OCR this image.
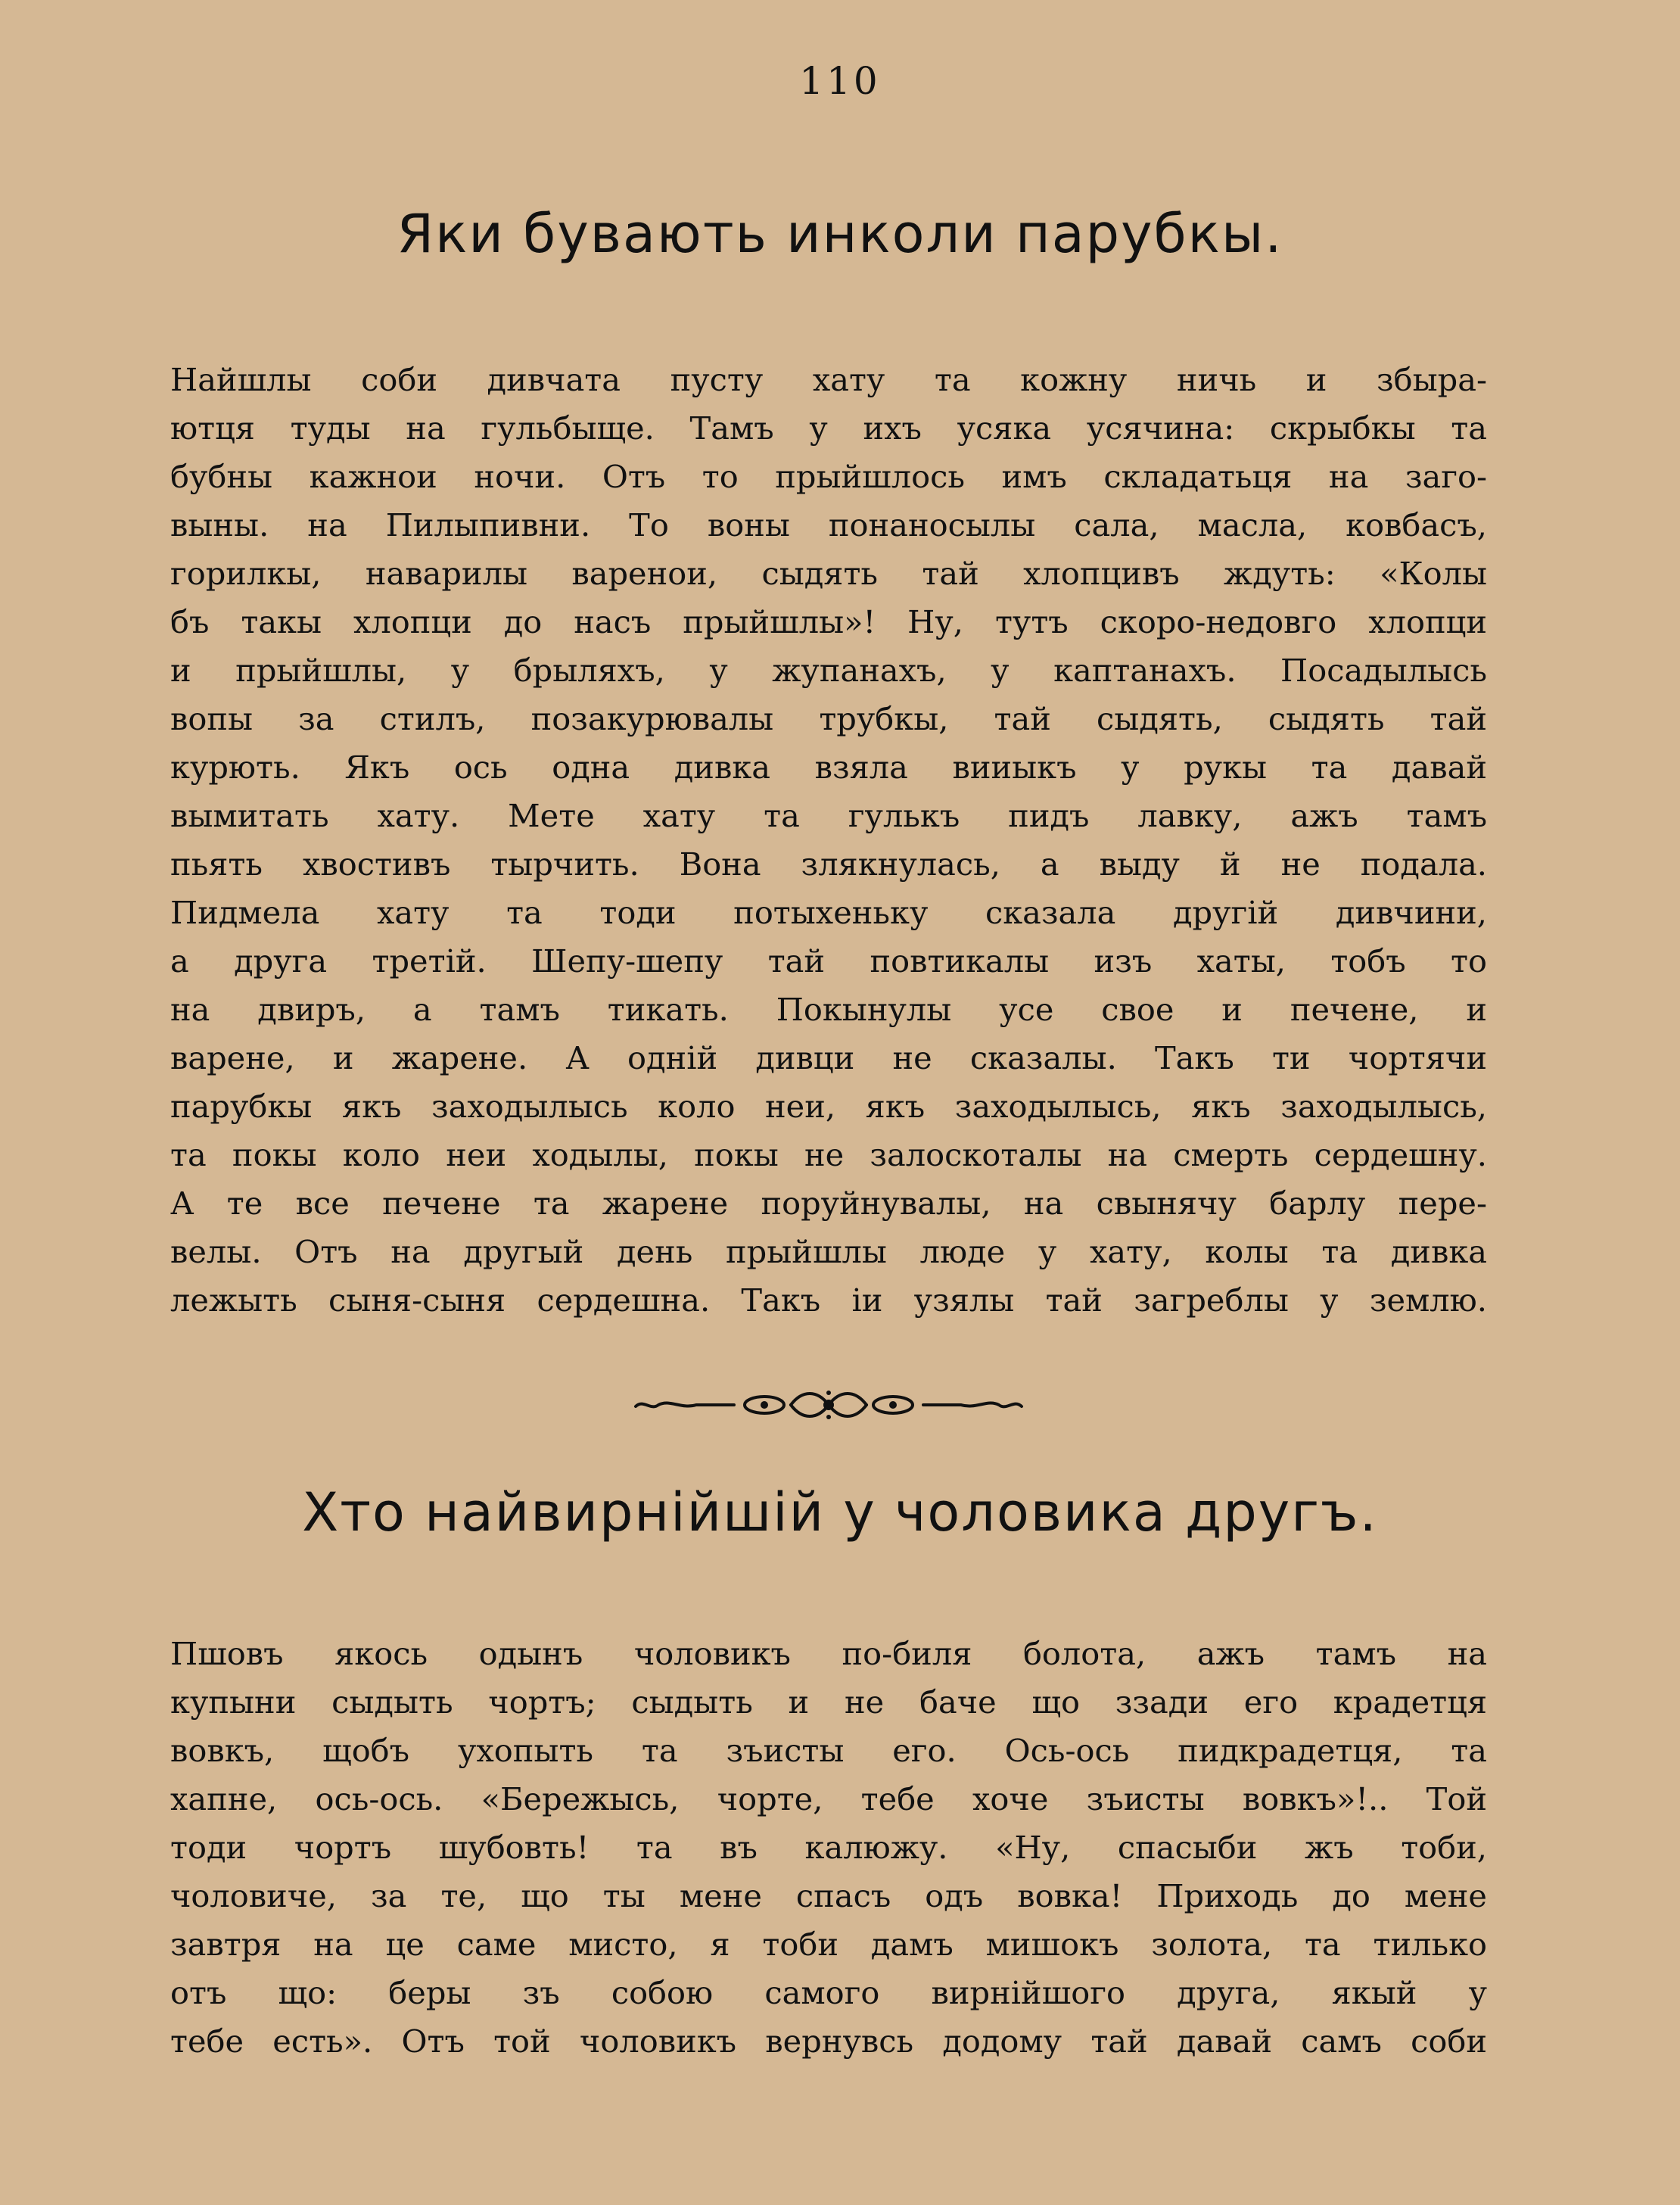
110
Яки бувають инколи парубкы.
Найшлы соби дивчата пусту хату та кожну ничь и збыра-
ютця туды на гульбыще. Тамъ у ихъ усяка усячина: скрыбкы та
бубны кажнои ночи. Отъ то прыйшлось имъ складатьця на заго-
выны. на Пилыпивни. То воны понаносылы сала, масла, ковбасъ,
горилкы, наварилы варенои, сыдять тай хлопцивъ ждуть: «Колы
бъ такы хлопци до насъ прыйшлы»! Ну, тутъ скоро-недовго хлопци
и прыйшлы, у брыляхъ, у жупанахъ, у каптанахъ. Посадылысь
вопы за стилъ, позакурювалы трубкы, тай сыдять, сыдять тай
курють. Якъ ось одна дивка взяла вииыкъ у рукы та давай
вымитать хату. Мете хату та гулькъ пидъ лавку, ажъ тамъ
пьять хвостивъ тырчить. Вона злякнулась, а выду й не подала.
Пидмела хату та тоди потыхеньку сказала другій дивчини,
а друга третій. Шепу-шепу тай повтикалы изъ хаты, тобъ то
на двиръ, а тамъ тикать. Покынулы усе свое и печене, и
варене, и жарене. А одній дивци не сказалы. Такъ ти чортячи
парубкы якъ заходылысь коло неи, якъ заходылысь, якъ заходылысь,
та покы коло неи ходылы, покы не залоскоталы на смерть сердешну.
А те все печене та жарене поруйнувалы, на свынячу барлу пере-
велы. Отъ на другый день прыйшлы люде у хату, колы та дивка
лежыть сыня-сыня сердешна. Такъ іи узялы тай загреблы у землю.
Хто найвирнійшій у чоловика другъ.
Пшовъ якось одынъ чоловикъ по-биля болота, ажъ тамъ на
купыни сыдыть чортъ; сыдыть и не баче що ззади его крадетця
вовкъ, щобъ ухопыть та зъисты его. Ось-ось пидкрадетця, та
хапне, ось-ось. «Бережысь, чорте, тебе хоче зъисты вовкъ»!.. Той
тоди чортъ шубовть! та въ калюжу. «Ну, спасыби жъ тоби,
чоловиче, за те, що ты мене спасъ одъ вовка! Приходь до мене
завтря на це саме мисто, я тоби дамъ мишокъ золота, та тилько
отъ що: беры зъ собою самого вирнійшого друга, якый у
тебе есть». Отъ той чоловикъ вернувсь додому тай давай самъ соби
